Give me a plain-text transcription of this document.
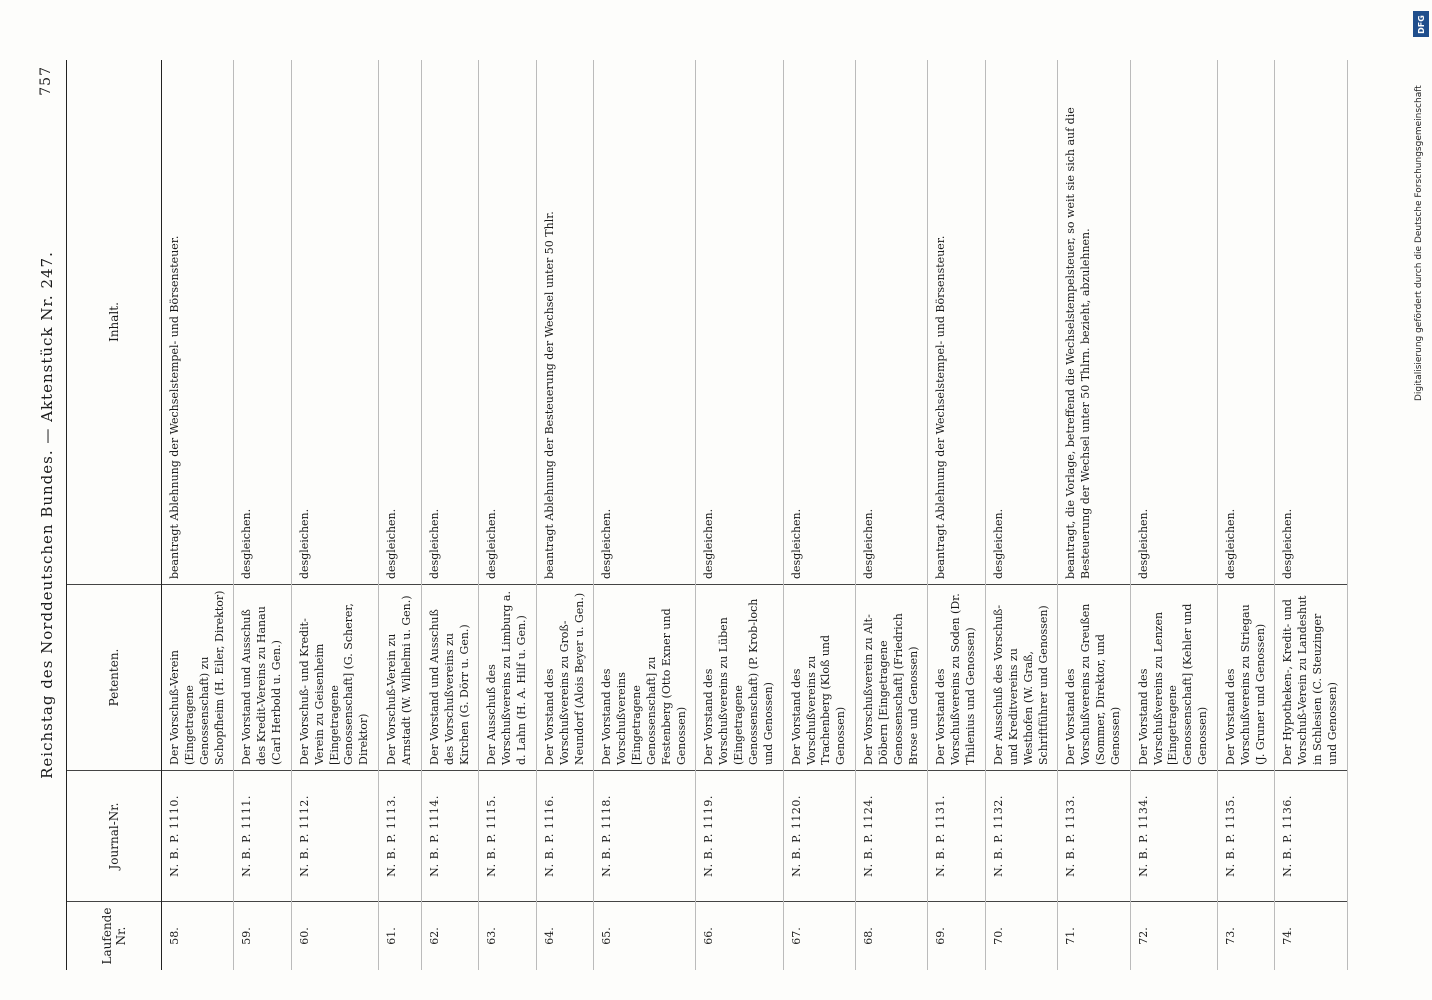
Reichstag des Norddeutschen Bundes. — Aktenstück Nr. 247.
757
Laufende Nr.	Journal-Nr.	Petenten.	Inhalt.
58.	N. B. P. 1110.	Der Vorschuß-Verein (Eingetragene Genossenschaft) zu Schopfheim (H. Eiler, Direktor)	beantragt Ablehnung der Wechselstempel- und Börsensteuer.
59.	N. B. P. 1111.	Der Vorstand und Ausschuß des Kredit-Vereins zu Hanau (Carl Herbold u. Gen.)	desgleichen.
60.	N. B. P. 1112.	Der Vorschuß- und Kredit-Verein zu Geisenheim [Eingetragene Genossenschaft] (G. Scherer, Direktor)	desgleichen.
61.	N. B. P. 1113.	Der Vorschuß-Verein zu Arnstadt (W. Wilhelmi u. Gen.)	desgleichen.
62.	N. B. P. 1114.	Der Vorstand und Ausschuß des Vorschußvereins zu Kirchen (G. Dörr u. Gen.)	desgleichen.
63.	N. B. P. 1115.	Der Ausschuß des Vorschußvereins zu Limburg a. d. Lahn (H. A. Hilf u. Gen.)	desgleichen.
64.	N. B. P. 1116.	Der Vorstand des Vorschußvereins zu Groß-Neundorf (Alois Beyer u. Gen.)	beantragt Ablehnung der Besteuerung der Wechsel unter 50 Thlr.
65.	N. B. P. 1118.	Der Vorstand des Vorschußvereins [Eingetragene Genossenschaft] zu Festenberg (Otto Exner und Genossen)	desgleichen.
66.	N. B. P. 1119.	Der Vorstand des Vorschußvereins zu Lüben (Eingetragene Genossenschaft) (P. Krob-loch und Genossen)	desgleichen.
67.	N. B. P. 1120.	Der Vorstand des Vorschußvereins zu Trachenberg (Kloß und Genossen)	desgleichen.
68.	N. B. P. 1124.	Der Vorschußverein zu Alt-Döbern [Eingetragene Genossenschaft] (Friedrich Brose und Genossen)	desgleichen.
69.	N. B. P. 1131.	Der Vorstand des Vorschußvereins zu Soden (Dr. Thilenius und Genossen)	beantragt Ablehnung der Wechselstempel- und Börsensteuer.
70.	N. B. P. 1132.	Der Ausschuß des Vorschuß- und Kreditvereins zu Westhofen (W. Graß, Schriftführer und Genossen)	desgleichen.
71.	N. B. P. 1133.	Der Vorstand des Vorschußvereins zu Greußen (Sommer, Direktor, und Genossen)	beantragt, die Vorlage, betreffend die Wechselstempelsteuer, so weit sie sich auf die Besteuerung der Wechsel unter 50 Thlrn. bezieht, abzulehnen.
72.	N. B. P. 1134.	Der Vorstand des Vorschußvereins zu Lenzen [Eingetragene Genossenschaft] (Kehler und Genossen)	desgleichen.
73.	N. B. P. 1135.	Der Vorstand des Vorschußvereins zu Striegau (J. Gruner und Genossen)	desgleichen.
74.	N. B. P. 1136.	Der Hypotheken-, Kredit- und Vorschuß-Verein zu Landeshut in Schlesien (C. Steuzinger und Genossen)	desgleichen.
DFG
Digitalisierung gefördert durch die Deutsche Forschungsgemeinschaft
